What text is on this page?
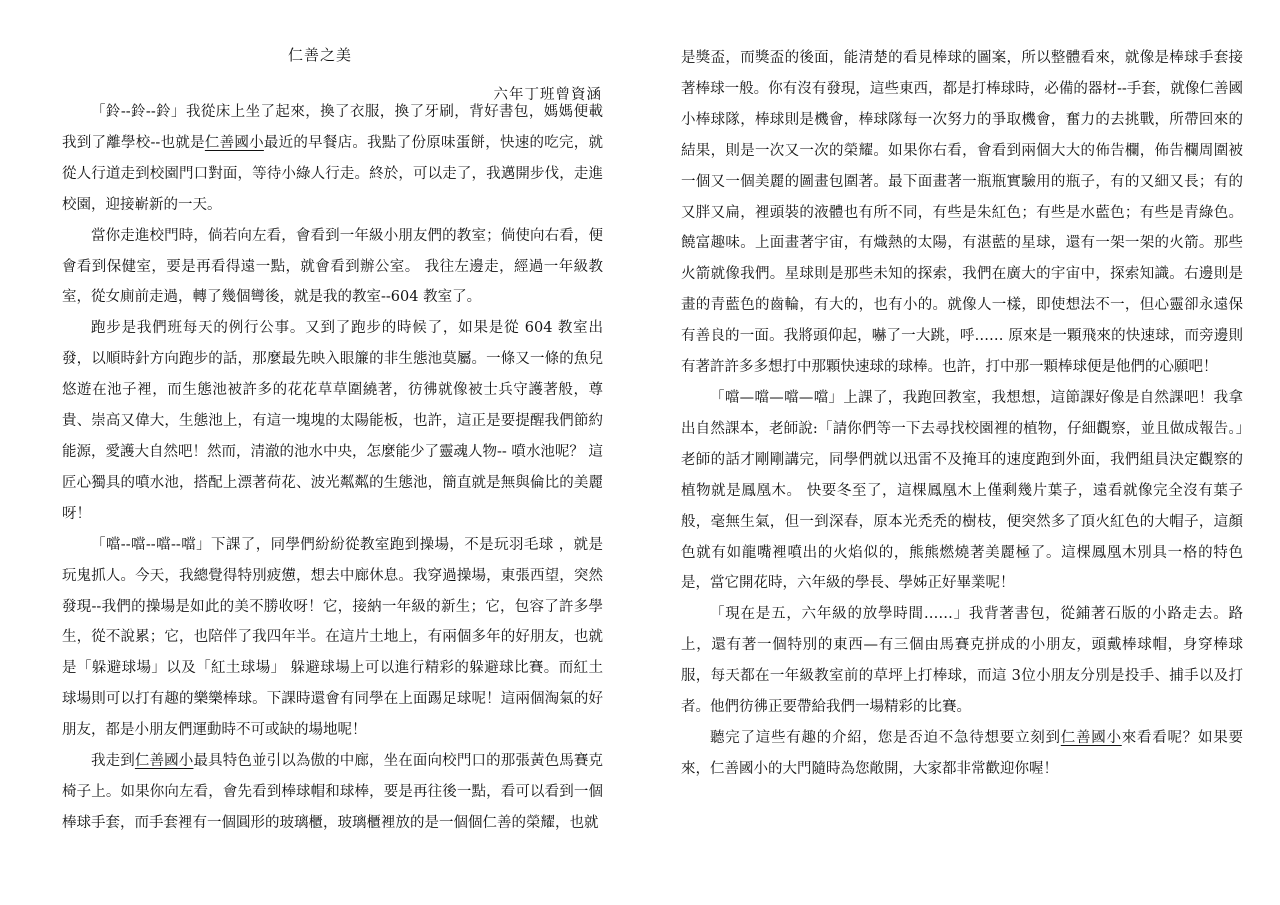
仁善之美
六年丁班曾資涵

「鈴--鈴--鈴」我從床上坐了起來，換了衣服，換了牙刷，背好書包，媽媽便載我到了離學校--也就是仁善國小最近的早餐店。我點了份原味蛋餅，快速的吃完，就從人行道走到校園門口對面，等待小綠人行走。終於，可以走了，我邁開步伐，走進校園，迎接嶄新的一天。

當你走進校門時，倘若向左看，會看到一年級小朋友們的教室；倘使向右看，便會看到保健室，要是再看得遠一點，就會看到辦公室。 我往左邊走，經過一年級教室，從女廁前走過，轉了幾個彎後，就是我的教室--604 教室了。

跑步是我們班每天的例行公事。又到了跑步的時候了，如果是從 604 教室出發，以順時針方向跑步的話，那麼最先映入眼簾的非生態池莫屬。一條又一條的魚兒悠遊在池子裡，而生態池被許多的花花草草圍繞著，彷彿就像被士兵守護著般，尊貴、崇高又偉大，生態池上，有這一塊塊的太陽能板，也許，這正是要提醒我們節約能源，愛護大自然吧！然而，清澈的池水中央，怎麼能少了靈魂人物-- 噴水池呢？ 這匠心獨具的噴水池，搭配上漂著荷花、波光粼粼的生態池，簡直就是無與倫比的美麗呀！

「噹--噹--噹--噹」下課了，同學們紛紛從教室跑到操場，不是玩羽毛球 ，就是玩鬼抓人。今天，我總覺得特別疲憊，想去中廊休息。我穿過操場，東張西望，突然發現--我們的操場是如此的美不勝收呀！它，接納一年級的新生；它，包容了許多學生，從不說累；它，也陪伴了我四年半。在這片土地上，有兩個多年的好朋友，也就是「躲避球場」以及「紅土球場」 躲避球場上可以進行精彩的躲避球比賽。而紅土球場則可以打有趣的樂樂棒球。下課時還會有同學在上面踢足球呢！這兩個淘氣的好朋友，都是小朋友們運動時不可或缺的場地呢！

我走到仁善國小最具特色並引以為傲的中廊，坐在面向校門口的那張黃色馬賽克椅子上。如果你向左看，會先看到棒球帽和球棒，要是再往後一點，看可以看到一個棒球手套，而手套裡有一個圓形的玻璃櫃，玻璃櫃裡放的是一個個仁善的榮耀，也就

是獎盃，而獎盃的後面，能清楚的看見棒球的圖案，所以整體看來，就像是棒球手套接著棒球一般。你有沒有發現，這些東西，都是打棒球時，必備的器材--手套，就像仁善國小棒球隊，棒球則是機會，棒球隊每一次努力的爭取機會，奮力的去挑戰，所帶回來的結果，則是一次又一次的榮耀。如果你右看，會看到兩個大大的佈告欄，佈告欄周圍被一個又一個美麗的圖畫包圍著。最下面畫著一瓶瓶實驗用的瓶子，有的又細又長；有的又胖又扁，裡頭裝的液體也有所不同，有些是朱紅色；有些是水藍色；有些是青綠色。饒富趣味。上面畫著宇宙，有熾熱的太陽，有湛藍的星球，還有一架一架的火箭。那些火箭就像我們。星球則是那些未知的探索，我們在廣大的宇宙中，探索知識。右邊則是畫的青藍色的齒輪，有大的，也有小的。就像人一樣，即使想法不一，但心靈卻永遠保有善良的一面。我將頭仰起，嚇了一大跳，呼…… 原來是一顆飛來的快速球，而旁邊則有著許許多多想打中那顆快速球的球棒。也許，打中那一顆棒球便是他們的心願吧！

「噹—噹—噹—噹」上課了，我跑回教室，我想想，這節課好像是自然課吧！我拿出自然課本，老師說:「請你們等一下去尋找校園裡的植物，仔細觀察，並且做成報告。」老師的話才剛剛講完，同學們就以迅雷不及掩耳的速度跑到外面，我們組員決定觀察的植物就是鳳凰木。 快要冬至了，這棵鳳凰木上僅剩幾片葉子，遠看就像完全沒有葉子般，毫無生氣，但一到深春，原本光禿禿的樹枝，便突然多了頂火紅色的大帽子，這顏色就有如龍嘴裡噴出的火焰似的，熊熊燃燒著美麗極了。這棵鳳凰木別具一格的特色是，當它開花時，六年級的學長、學姊正好畢業呢！

「現在是五，六年級的放學時間……」我背著書包，從鋪著石版的小路走去。路上，還有著一個特別的東西—有三個由馬賽克拼成的小朋友，頭戴棒球帽，身穿棒球服，每天都在一年級教室前的草坪上打棒球，而這 3位小朋友分別是投手、捕手以及打者。他們彷彿正要帶給我們一場精彩的比賽。

聽完了這些有趣的介紹，您是否迫不急待想要立刻到仁善國小來看看呢？如果要來，仁善國小的大門隨時為您敞開，大家都非常歡迎你喔！
